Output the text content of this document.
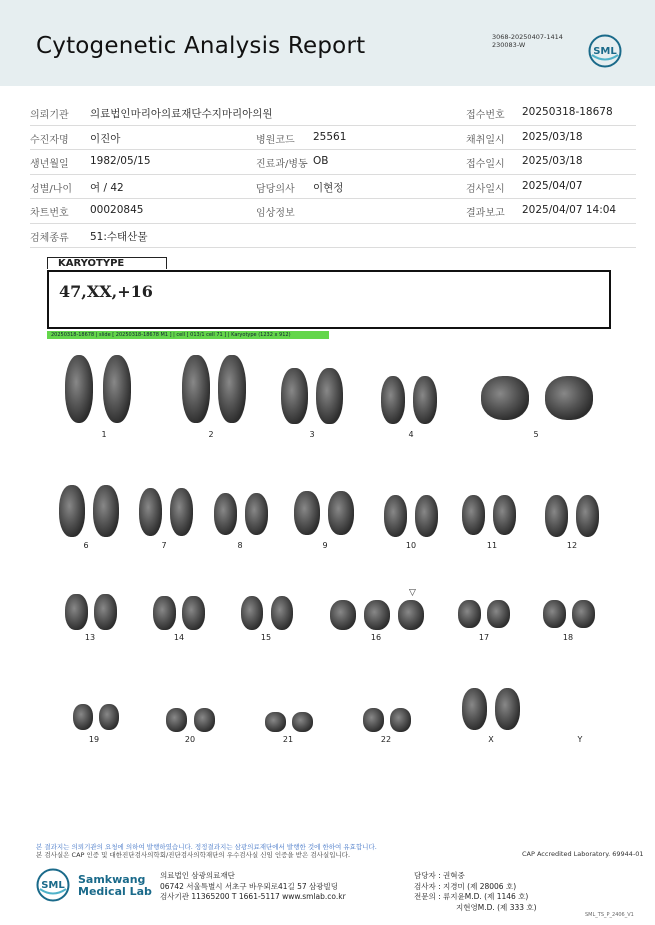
Cytogenetic Analysis Report	3068-20250407-1414
230083-W
SML
의뢰기관 의료법인마리아의료재단수지마리아의원	접수번호 20250318-18678
수진자명 이진아	병원코드 25561	채취일시 2025/03/18
생년월일 1982/05/15	진료과/병동 OB	접수일시 2025/03/18
성별/나이 여 / 42	담당의사 이현정	검사일시 2025/04/07
차트번호 00020845	임상정보	결과보고 2025/04/07 14:04
검체종류 51:수태산물
KARYOTYPE
47,XX,+16
20250318-18678 | slide [ 20250318-18678 M1 ] | cell [ 013/1 cell 71 ] | Karyotype (1232 x 912)
1	2	3	4	5
6	7	8	9	10	11	12
13	14	15	16	17	18
19	20	21	22	X	Y
▽
본 결과지는 의뢰기관의 요청에 의하여 발행하였습니다. 정정결과지는 삼광의료재단에서 발행한 것에 한하여 유효합니다.
본 검사실은 CAP 인증 및 대한진단검사의학회/진단검사의학재단의 우수검사실 신임 인증을 받은 검사실입니다.	CAP Accredited Laboratory. 69944-01
SML Samkwang
Medical Lab
의료법인 삼광의료재단
06742 서울특별시 서초구 바우뫼로41길 57 삼광빌딩
검사기관 11365200 T 1661-5117 www.smlab.co.kr
담당자 : 권혁중
검사자 : 지경미 (제 28006 호)
전문의 : 류지윤M.D. (제 1146 호)
지현영M.D. (제 333 호)
SML_TS_P_2406_V1
